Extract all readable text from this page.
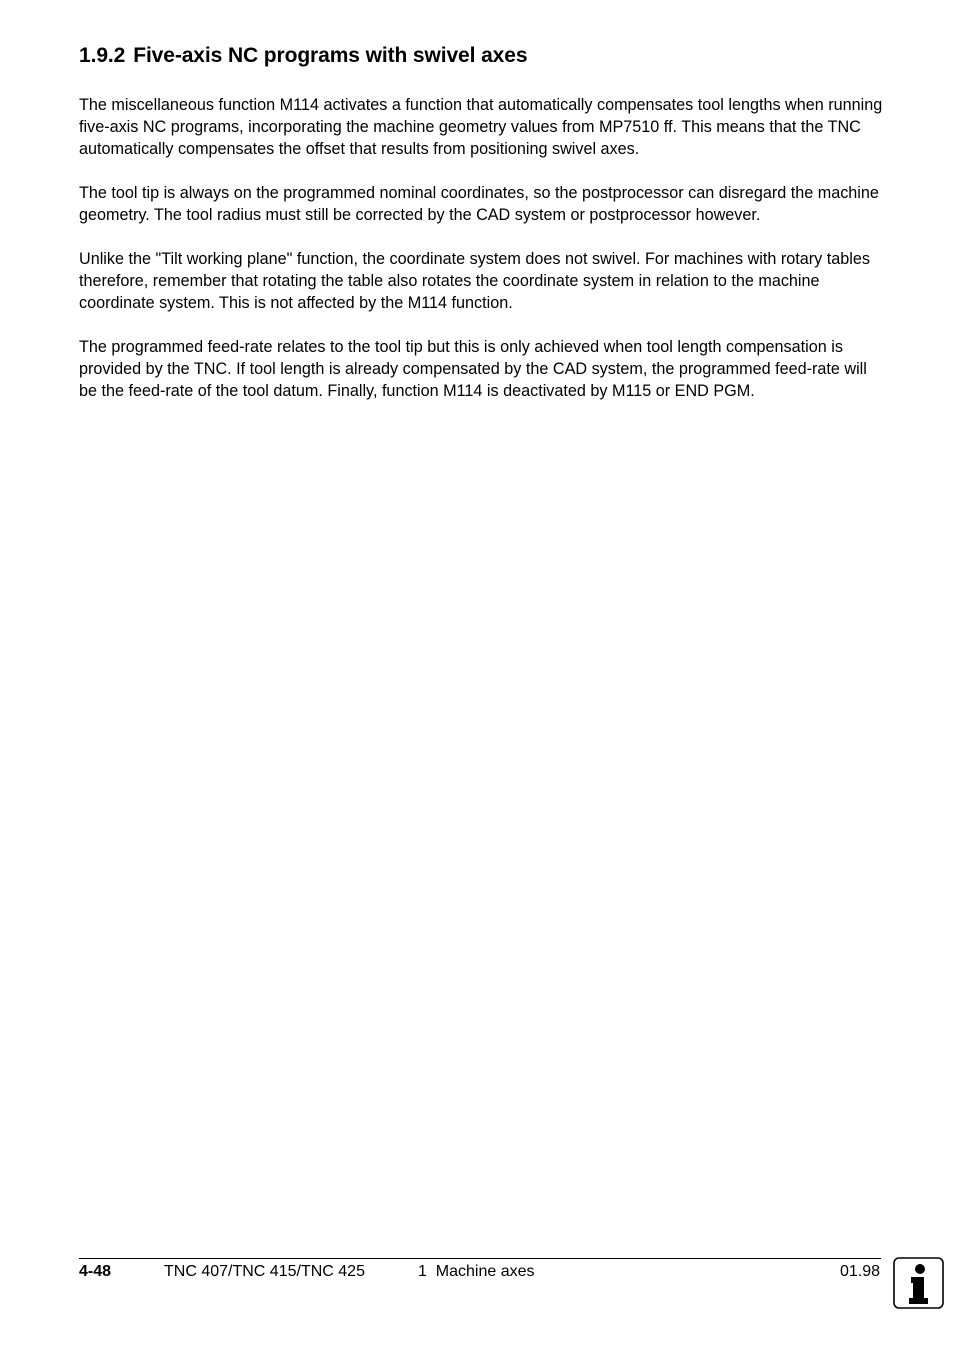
1.9.2 Five-axis NC programs with swivel axes

The miscellaneous function M114 activates a function that automatically compensates tool lengths when running five-axis NC programs, incorporating the machine geometry values from MP7510 ff. This means that the TNC automatically compensates the offset that results from positioning swivel axes.

The tool tip is always on the programmed nominal coordinates, so the postprocessor can disregard the machine geometry. The tool radius must still be corrected by the CAD system or postprocessor however.

Unlike the "Tilt working plane" function, the coordinate system does not swivel. For machines with rotary tables therefore, remember that rotating the table also rotates the coordinate system in relation to the machine coordinate system. This is not affected by the M114 function.

The programmed feed-rate relates to the tool tip but this is only achieved when tool length compensation is provided by the TNC. If tool length is already compensated by the CAD system, the programmed feed-rate will be the feed-rate of the tool datum. Finally, function M114 is deactivated by M115 or END PGM.

4-48	TNC 407/TNC 415/TNC 425	1  Machine axes	01.98
